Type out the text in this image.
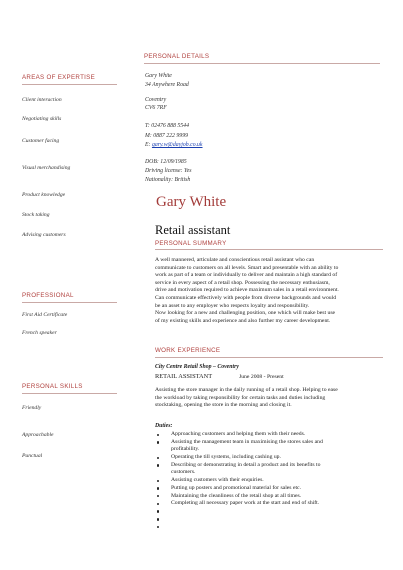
PERSONAL DETAILS
AREAS OF EXPERTISE
Client interaction
Negotiating skills
Customer facing
Visual merchandising
Product knowledge
Stock taking
Advising customers
PROFESSIONAL
First Aid Certificate
French speaker
PERSONAL SKILLS
Friendly
Approachable
Punctual
Gary White
34 Anywhere Road
Coventry
CV6 7RF
T: 02476 888 5544
M: 0887 222 9999
E: gary.w@dayjob.co.uk
DOB: 12/09/1985
Driving license: Yes
Nationality: British
Gary White
Retail assistant
PERSONAL SUMMARY
A well mannered, articulate and conscientious retail assistant who can
communicate to customers on all levels. Smart and presentable with an ability to
work as part of a team or individually to deliver and maintain a high standard of
service in every aspect of a retail shop. Possessing the necessary enthusiasm,
drive and motivation required to achieve maximum sales in a retail environment.
Can communicate effectively with people from diverse backgrounds and would
be an asset to any employer who respects loyalty and responsibility.
Now looking for a new and challenging position, one which will make best use
of my existing skills and experience and also further my career development.
WORK EXPERIENCE
City Centre Retail Shop – Coventry
RETAIL ASSISTANT	June 2008 - Present
Assisting the store manager in the daily running of a retail shop. Helping to ease
the workload by taking responsibility for certain tasks and duties including
stocktaking, opening the store in the morning and closing it.
Duties:
Approaching customers and helping them with their needs.
Assisting the management team in maximising the stores sales and
profitability.
Operating the till systems, including cashing up.
Describing or demonstrating in detail a product and its benefits to
customers.
Assisting customers with their enquiries.
Putting up posters and promotional material for sales etc.
Maintaining the cleanliness of the retail shop at all times.
Completing all necessary paper work at the start and end of shift.
